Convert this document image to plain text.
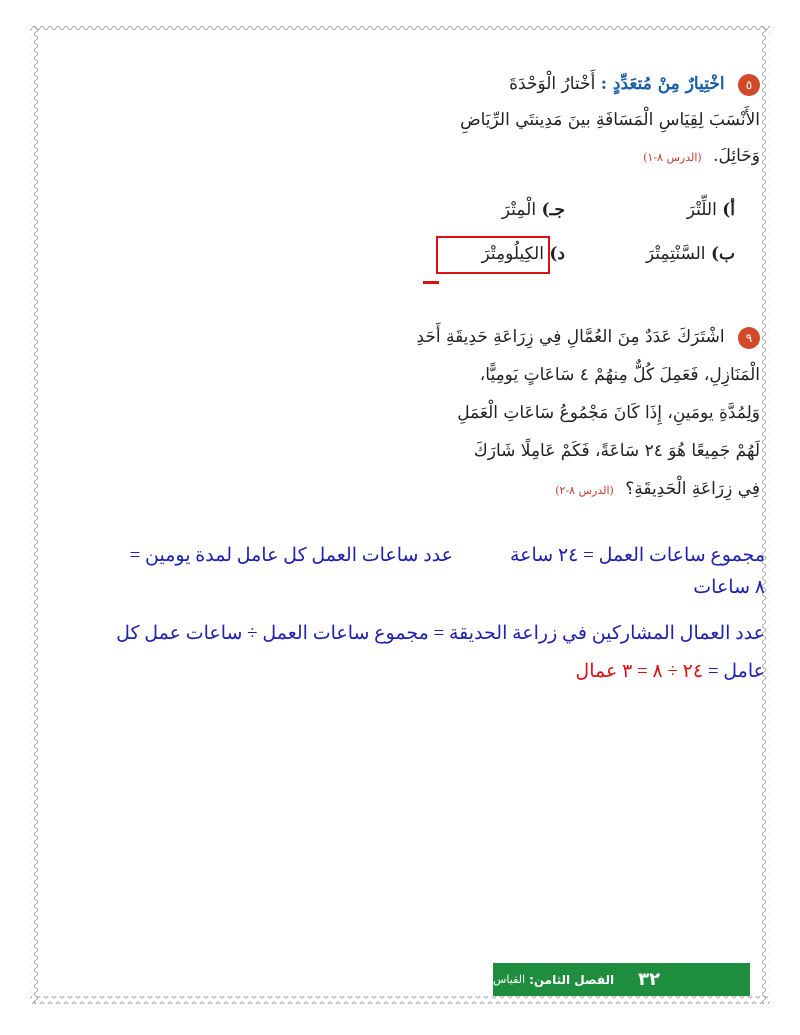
٥ اخْتِيارٌ مِنْ مُتعَدِّدٍ : أَخْتارُ الْوَحْدَةَ
الأَنْسَبَ لِقِيَاسِ الْمَسَافَةِ بينَ مَدِينتَي الرِّيَاضِ
وَحَائِلَ. (الدرس ٨-١)
أ) اللِّتْرَ
جـ) الْمِتْرَ
ب) السَّنْتِمِتْرَ
د) الكِيلُومِتْرَ
٩ اشْتَرَكَ عَدَدٌ مِنَ العُمَّالِ فِي زِرَاعَةِ حَدِيقَةِ أَحَدِ
الْمَنَازِلِ، فَعَمِلَ كُلٌّ مِنهُمْ ٤ سَاعَاتٍ يَومِيًّا،
وَلِمُدَّةِ يومَينِ، إِذَا كَانَ مَجْمُوعُ سَاعَاتِ الْعَمَلِ
لَهُمْ جَمِيعًا هُوَ ٢٤ سَاعَةً، فَكَمْ عَامِلًا شَارَكَ
فِي زِرَاعَةِ الْحَدِيقَةِ؟ (الدرس ٨-٢)
مجموع ساعات العمل = ٢٤ ساعة            عدد ساعات العمل كل عامل لمدة يومين =
٨ ساعات
عدد العمال المشاركين في زراعة الحديقة = مجموع ساعات العمل ÷ ساعات عمل كل
عامل = ٢٤ ÷ ٨ = ٣ عمال
٣٢
الفصل الثامن:
القياس
